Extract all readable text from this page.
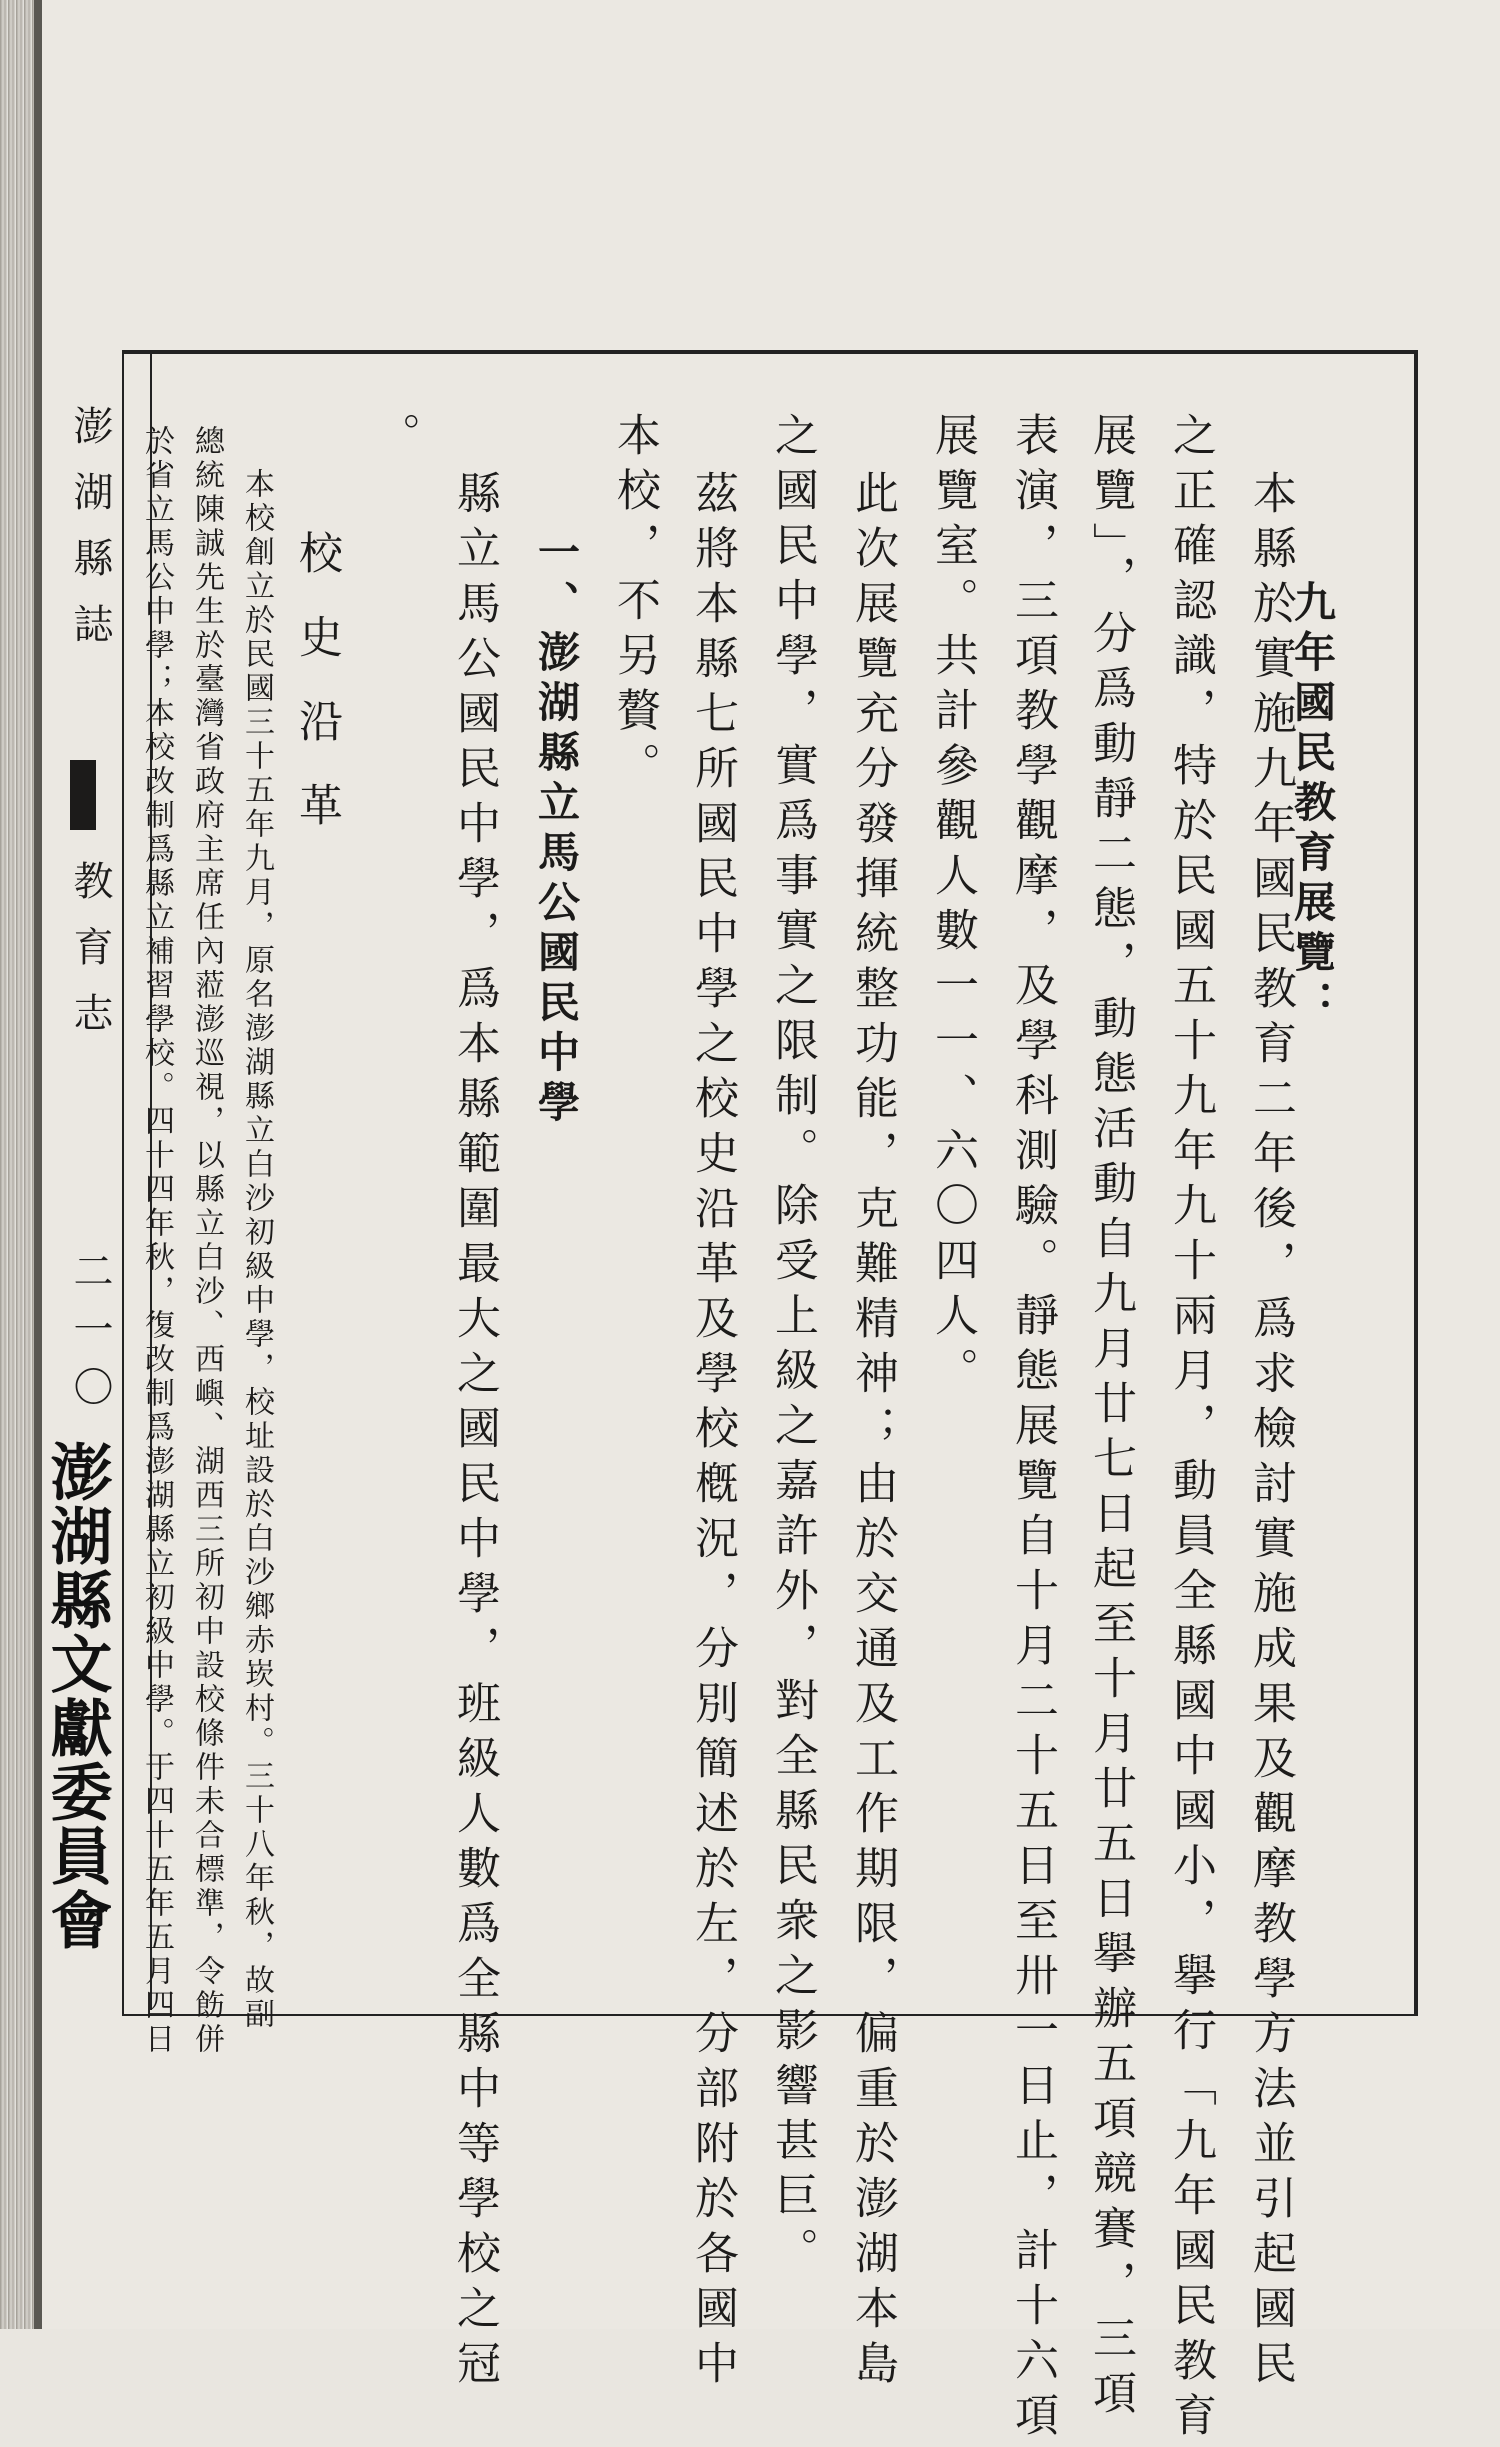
九年國民教育展覽：
本縣於實施九年國民教育二年後，爲求檢討實施成果及觀摩教學方法並引起國民
之正確認識，特於民國五十九年九十兩月，動員全縣國中國小，擧行「九年國民教育
展覽」，分爲動靜二態，動態活動自九月廿七日起至十月廿五日擧辦五項競賽，三項
表演，三項教學觀摩，及學科測驗。靜態展覽自十月二十五日至卅一日止，計十六項
展覽室。共計參觀人數一一、六〇四人。
此次展覽充分發揮統整功能，克難精神；由於交通及工作期限，偏重於澎湖本島
之國民中學，實爲事實之限制。除受上級之嘉許外，對全縣民衆之影響甚巨。
茲將本縣七所國民中學之校史沿革及學校槪況，分別簡述於左，分部附於各國中
本校，不另贅。
一、澎湖縣立馬公國民中學
縣立馬公國民中學，爲本縣範圍最大之國民中學，班級人數爲全縣中等學校之冠
。
校史沿革
本校創立於民國三十五年九月，原名澎湖縣立白沙初級中學，校址設於白沙鄉赤崁村。三十八年秋，故副
總統陳誠先生於臺灣省政府主席任內蒞澎巡視，以縣立白沙、西嶼、湖西三所初中設校條件未合標準，令飭併
於省立馬公中學；本校改制爲縣立補習學校。四十四年秋，復改制爲澎湖縣立初級中學。于四十五年五月四日
澎湖縣誌
教育志
二一〇
澎湖縣文獻委員會
